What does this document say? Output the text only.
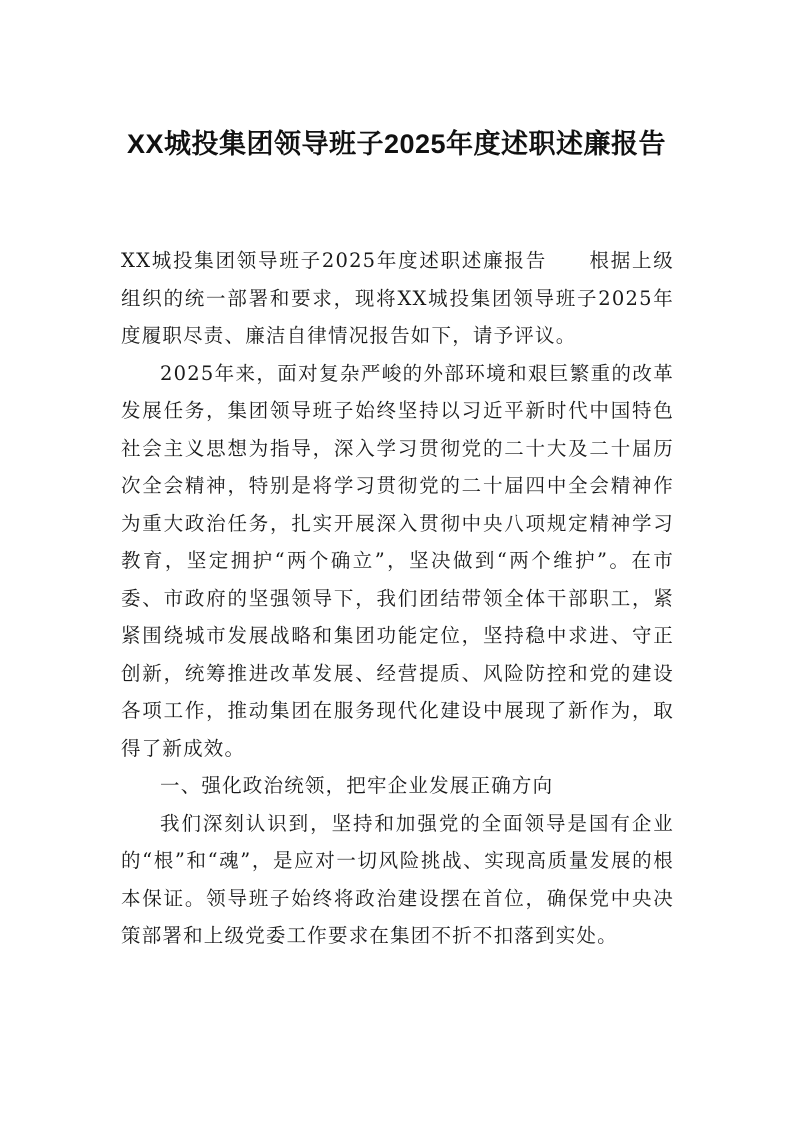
XX城投集团领导班子2025年度述职述廉报告

XX城投集团领导班子2025年度述职述廉报告　　根据上级组织的统一部署和要求，现将XX城投集团领导班子2025年度履职尽责、廉洁自律情况报告如下，请予评议。

2025年来，面对复杂严峻的外部环境和艰巨繁重的改革发展任务，集团领导班子始终坚持以习近平新时代中国特色社会主义思想为指导，深入学习贯彻党的二十大及二十届历次全会精神，特别是将学习贯彻党的二十届四中全会精神作为重大政治任务，扎实开展深入贯彻中央八项规定精神学习教育，坚定拥护“两个确立”，坚决做到“两个维护”。在市委、市政府的坚强领导下，我们团结带领全体干部职工，紧紧围绕城市发展战略和集团功能定位，坚持稳中求进、守正创新，统筹推进改革发展、经营提质、风险防控和党的建设各项工作，推动集团在服务现代化建设中展现了新作为，取得了新成效。

一、强化政治统领，把牢企业发展正确方向

我们深刻认识到，坚持和加强党的全面领导是国有企业的“根”和“魂”，是应对一切风险挑战、实现高质量发展的根本保证。领导班子始终将政治建设摆在首位，确保党中央决策部署和上级党委工作要求在集团不折不扣落到实处。
